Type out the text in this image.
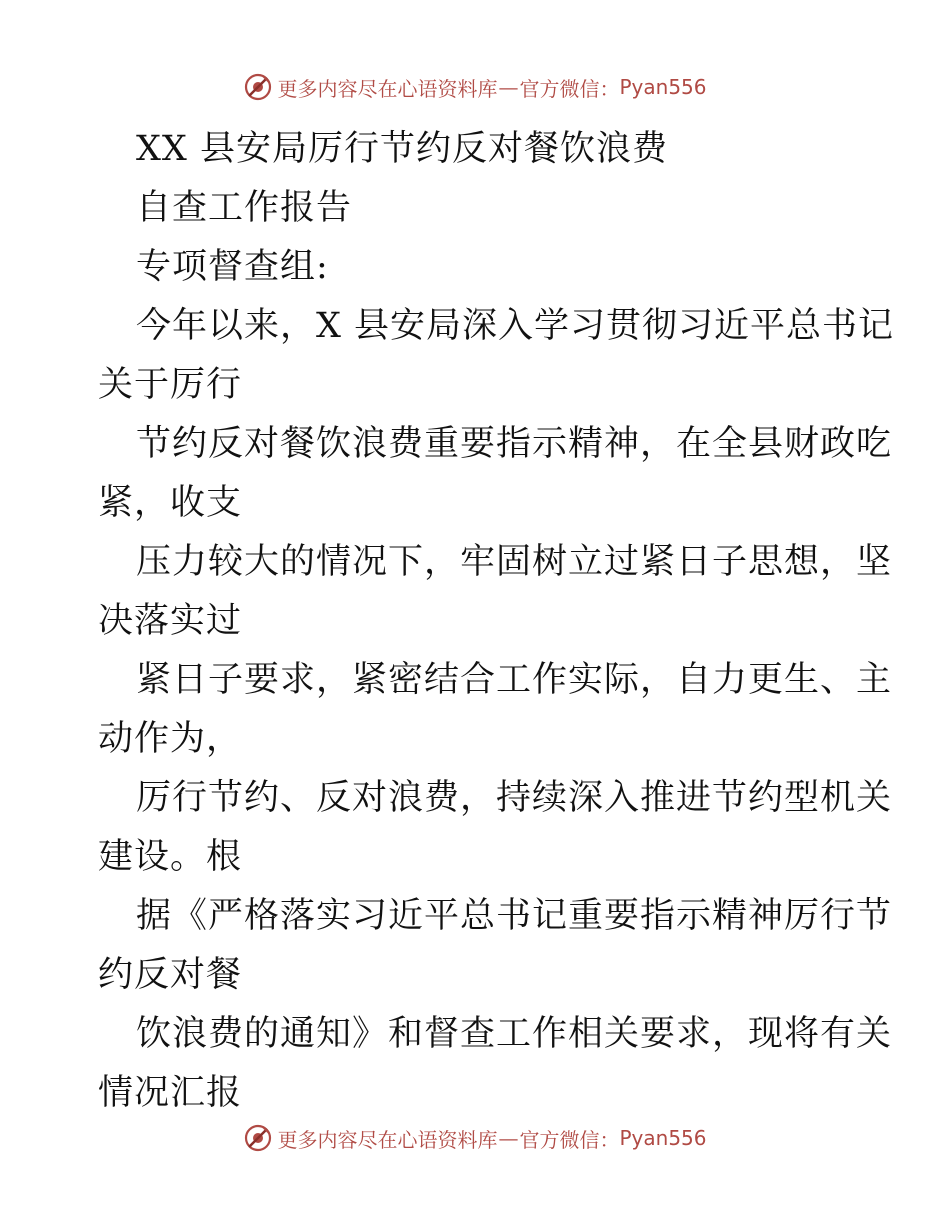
更多内容尽在心语资料库 — 官方微信： Pyan556
XX 县安局厉行节约反对餐饮浪费
自查工作报告
专项督查组:
今年以来，X 县安局深入学习贯彻习近平总书记
关于厉行
节约反对餐饮浪费重要指示精神，在全县财政吃
紧，收支
压力较大的情况下，牢固树立过紧日子思想，坚
决落实过
紧日子要求，紧密结合工作实际，自力更生、主
动作为，
厉行节约、反对浪费，持续深入推进节约型机关
建设。根
据《严格落实习近平总书记重要指示精神厉行节
约反对餐
饮浪费的通知》和督查工作相关要求，现将有关
情况汇报
更多内容尽在心语资料库 — 官方微信： Pyan556
